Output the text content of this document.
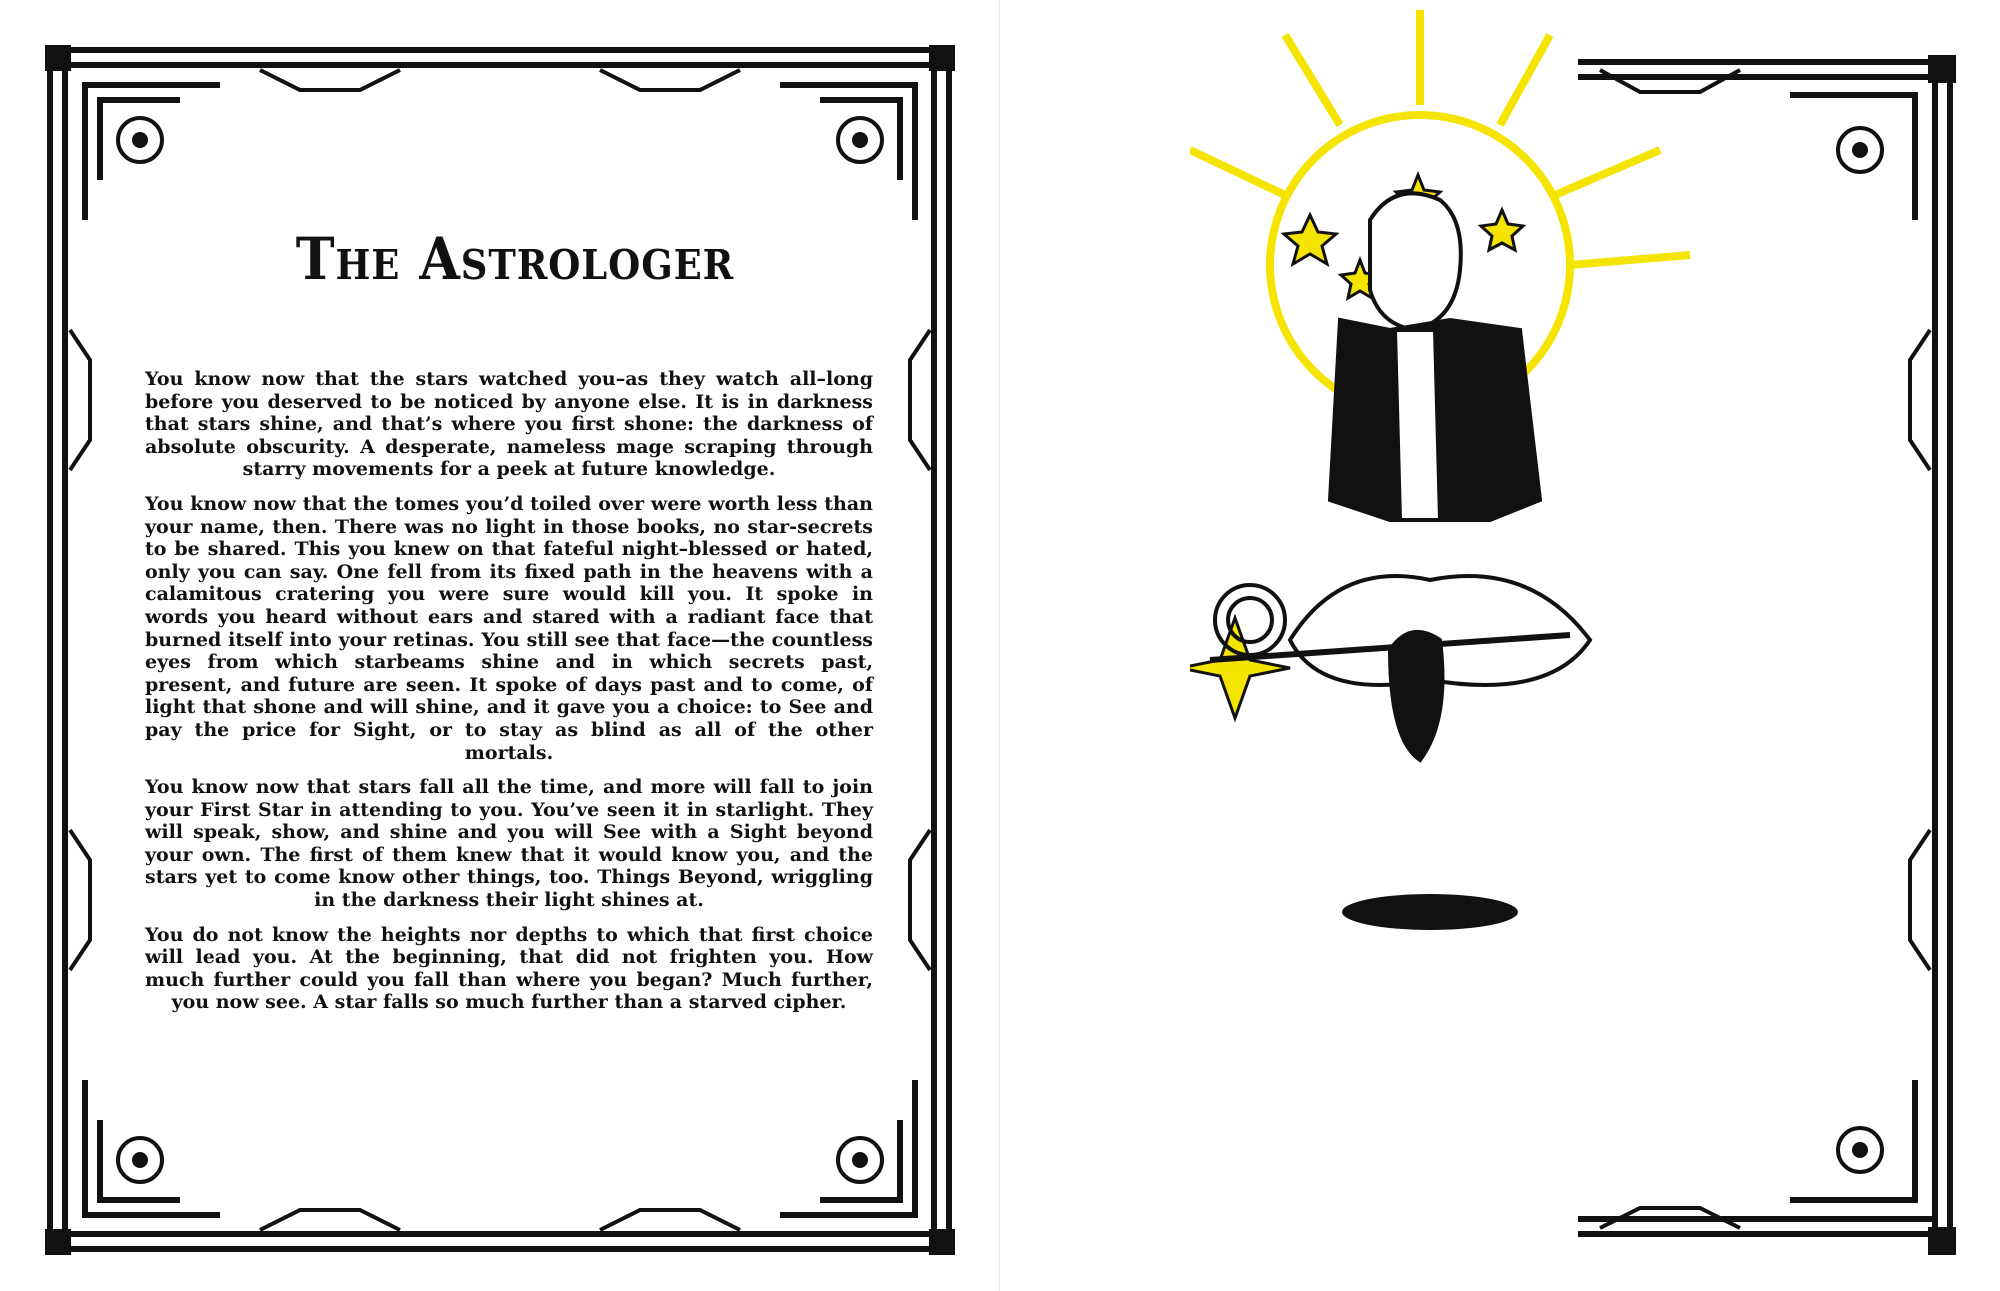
The Astrologer

You know now that the stars watched you–as they watch all–long before you deserved to be noticed by anyone else. It is in darkness that stars shine, and that’s where you first shone: the darkness of absolute obscurity. A desperate, nameless mage scraping through starry movements for a peek at future knowledge.

You know now that the tomes you’d toiled over were worth less than your name, then. There was no light in those books, no star-secrets to be shared. This you knew on that fateful night–blessed or hated, only you can say. One fell from its fixed path in the heavens with a calamitous cratering you were sure would kill you. It spoke in words you heard without ears and stared with a radiant face that burned itself into your retinas. You still see that face—the countless eyes from which starbeams shine and in which secrets past, present, and future are seen. It spoke of days past and to come, of light that shone and will shine, and it gave you a choice: to See and pay the price for Sight, or to stay as blind as all of the other mortals.

You know now that stars fall all the time, and more will fall to join your First Star in attending to you. You’ve seen it in starlight. They will speak, show, and shine and you will See with a Sight beyond your own. The first of them knew that it would know you, and the stars yet to come know other things, too. Things Beyond, wriggling in the darkness their light shines at.

You do not know the heights nor depths to which that first choice will lead you. At the beginning, that did not frighten you. How much further could you fall than where you began? Much further, you now see. A star falls so much further than a starved cipher.
